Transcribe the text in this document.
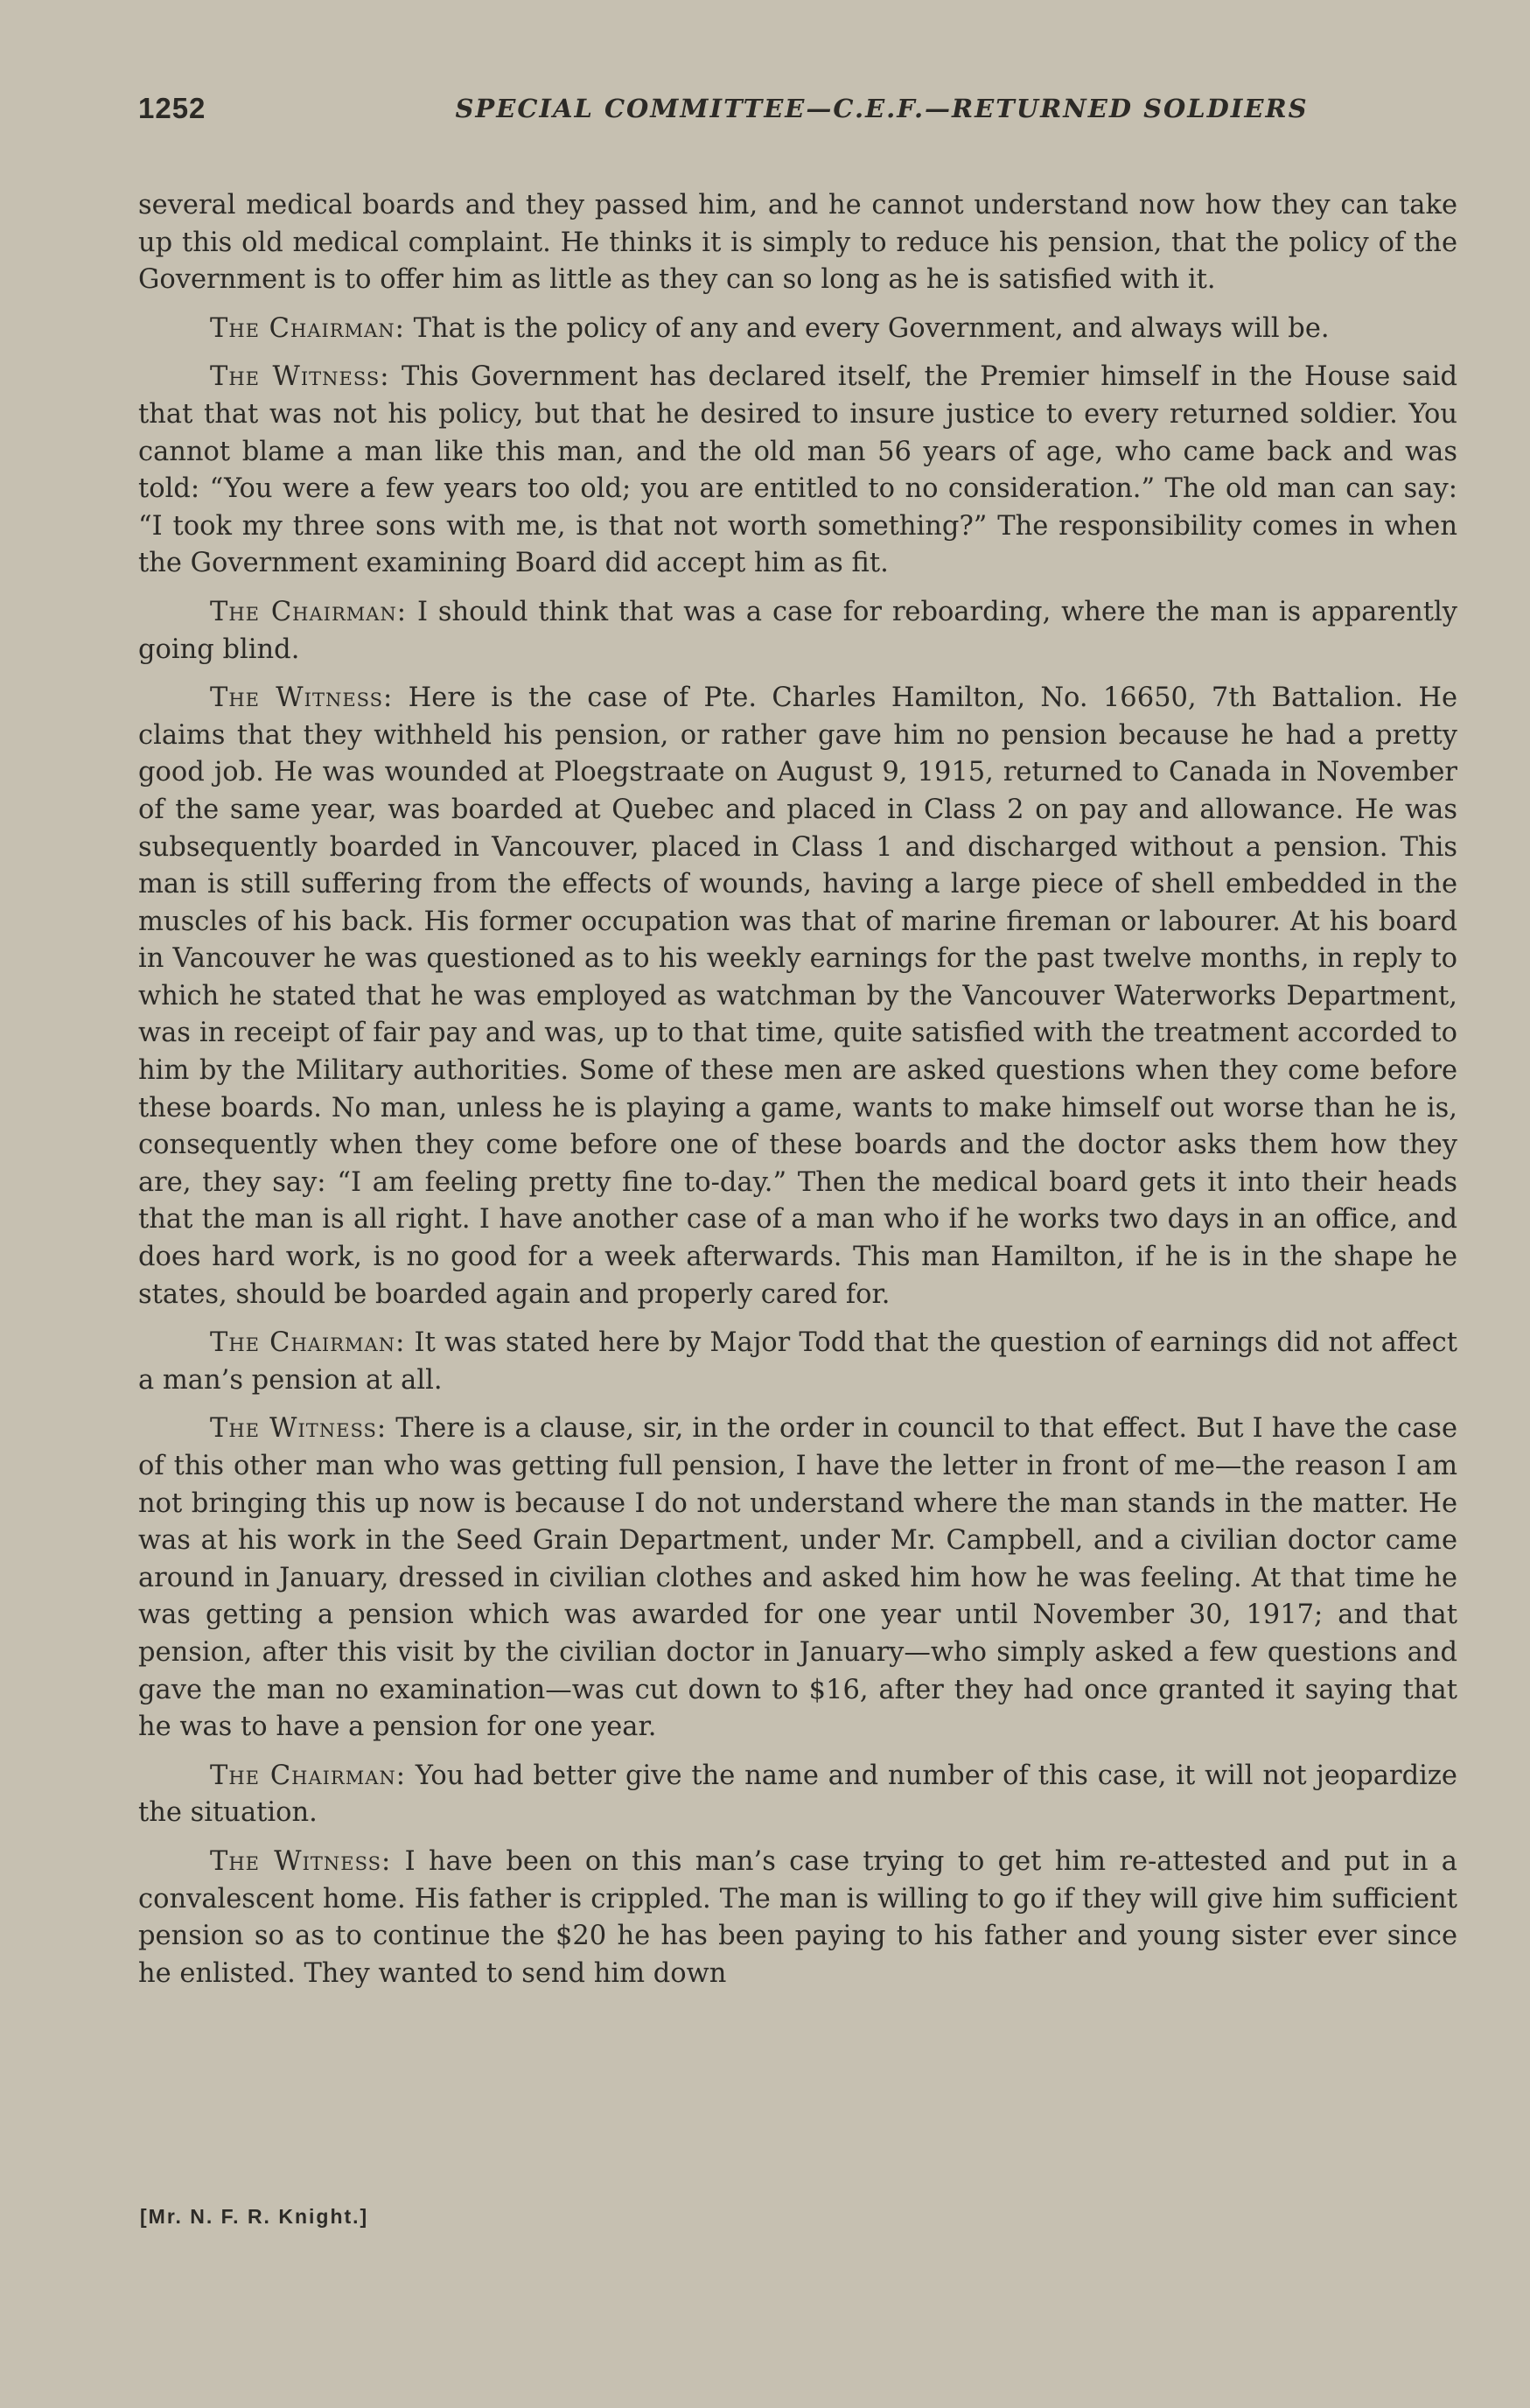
1252	SPECIAL COMMITTEE—C.E.F.—RETURNED SOLDIERS

several medical boards and they passed him, and he cannot understand now how they can take up this old medical complaint. He thinks it is simply to reduce his pension, that the policy of the Government is to offer him as little as they can so long as he is satisfied with it.

The Chairman: That is the policy of any and every Government, and always will be.

The Witness: This Government has declared itself, the Premier himself in the House said that that was not his policy, but that he desired to insure justice to every returned soldier. You cannot blame a man like this man, and the old man 56 years of age, who came back and was told: “You were a few years too old; you are entitled to no consideration.” The old man can say: “I took my three sons with me, is that not worth something?” The responsibility comes in when the Government examining Board did accept him as fit.

The Chairman: I should think that was a case for reboarding, where the man is apparently going blind.

The Witness: Here is the case of Pte. Charles Hamilton, No. 16650, 7th Battalion. He claims that they withheld his pension, or rather gave him no pension because he had a pretty good job. He was wounded at Ploegstraate on August 9, 1915, returned to Canada in November of the same year, was boarded at Quebec and placed in Class 2 on pay and allowance. He was subsequently boarded in Vancouver, placed in Class 1 and discharged without a pension. This man is still suffering from the effects of wounds, having a large piece of shell embedded in the muscles of his back. His former occupation was that of marine fireman or labourer. At his board in Vancouver he was questioned as to his weekly earnings for the past twelve months, in reply to which he stated that he was employed as watchman by the Vancouver Waterworks Department, was in receipt of fair pay and was, up to that time, quite satisfied with the treatment accorded to him by the Military authorities. Some of these men are asked questions when they come before these boards. No man, unless he is playing a game, wants to make himself out worse than he is, consequently when they come before one of these boards and the doctor asks them how they are, they say: “I am feeling pretty fine to-day.” Then the medical board gets it into their heads that the man is all right. I have another case of a man who if he works two days in an office, and does hard work, is no good for a week afterwards. This man Hamilton, if he is in the shape he states, should be boarded again and properly cared for.

The Chairman: It was stated here by Major Todd that the question of earnings did not affect a man’s pension at all.

The Witness: There is a clause, sir, in the order in council to that effect. But I have the case of this other man who was getting full pension, I have the letter in front of me—the reason I am not bringing this up now is because I do not understand where the man stands in the matter. He was at his work in the Seed Grain Department, under Mr. Campbell, and a civilian doctor came around in January, dressed in civilian clothes and asked him how he was feeling. At that time he was getting a pension which was awarded for one year until November 30, 1917; and that pension, after this visit by the civilian doctor in January—who simply asked a few questions and gave the man no examination—was cut down to $16, after they had once granted it saying that he was to have a pension for one year.

The Chairman: You had better give the name and number of this case, it will not jeopardize the situation.

The Witness: I have been on this man’s case trying to get him re-attested and put in a convalescent home. His father is crippled. The man is willing to go if they will give him sufficient pension so as to continue the $20 he has been paying to his father and young sister ever since he enlisted. They wanted to send him down

[Mr. N. F. R. Knight.]
